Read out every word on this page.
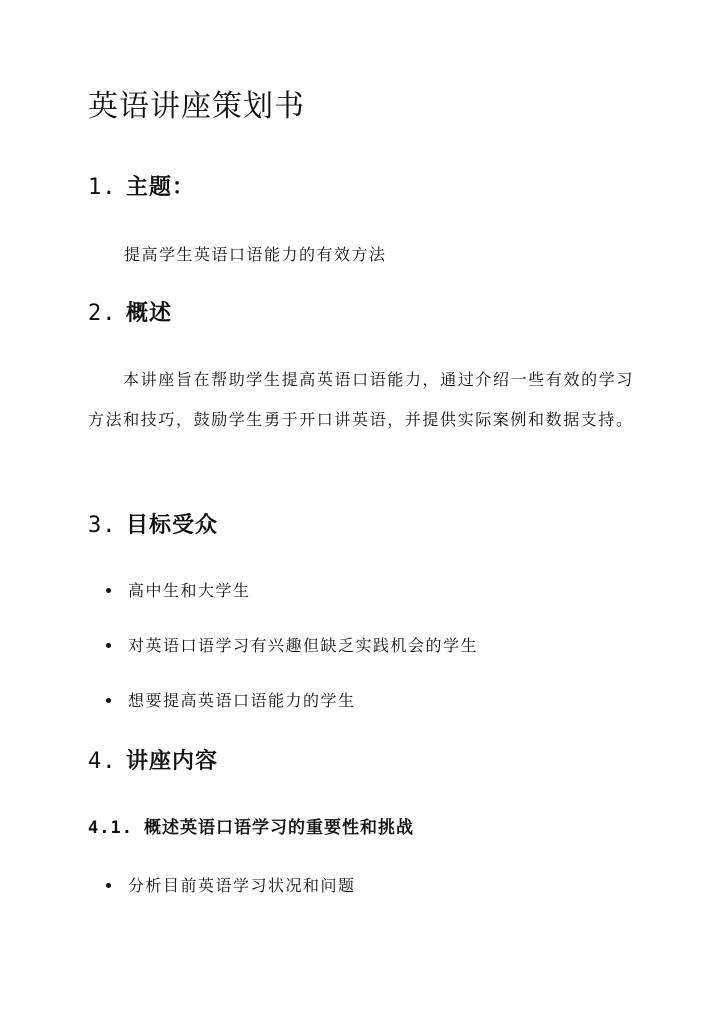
英语讲座策划书
1. 主题：
提高学生英语口语能力的有效方法
2. 概述
本讲座旨在帮助学生提高英语口语能力，通过介绍一些有效的学习方法和技巧，鼓励学生勇于开口讲英语，并提供实际案例和数据支持。
3. 目标受众
高中生和大学生
对英语口语学习有兴趣但缺乏实践机会的学生
想要提高英语口语能力的学生
4. 讲座内容
4.1. 概述英语口语学习的重要性和挑战
分析目前英语学习状况和问题
